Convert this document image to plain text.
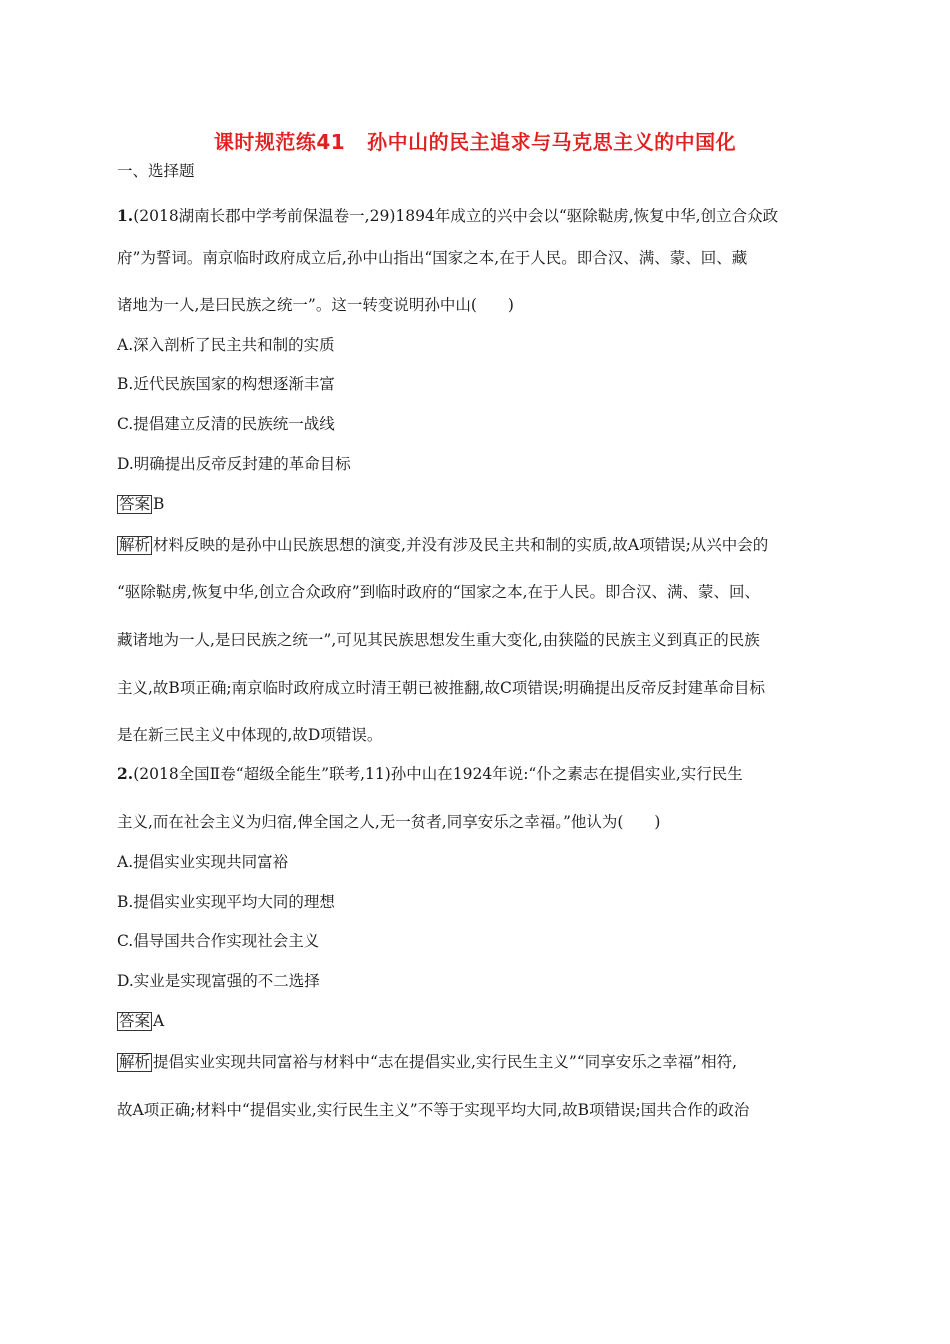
课时规范练41 孙中山的民主追求与马克思主义的中国化
一、选择题
1.(2018湖南长郡中学考前保温卷一,29)1894年成立的兴中会以“驱除鞑虏,恢复中华,创立合众政
府”为誓词。南京临时政府成立后,孙中山指出“国家之本,在于人民。即合汉、满、蒙、回、藏
诸地为一人,是曰民族之统一”。这一转变说明孙中山(　　)
A.深入剖析了民主共和制的实质
B.近代民族国家的构想逐渐丰富
C.提倡建立反清的民族统一战线
D.明确提出反帝反封建的革命目标
答案 B
解析 材料反映的是孙中山民族思想的演变,并没有涉及民主共和制的实质,故A项错误;从兴中会的
“驱除鞑虏,恢复中华,创立合众政府”到临时政府的“国家之本,在于人民。即合汉、满、蒙、回、
藏诸地为一人,是曰民族之统一”,可见其民族思想发生重大变化,由狭隘的民族主义到真正的民族
主义,故B项正确;南京临时政府成立时清王朝已被推翻,故C项错误;明确提出反帝反封建革命目标
是在新三民主义中体现的,故D项错误。
2.(2018全国Ⅱ卷“超级全能生”联考,11)孙中山在1924年说:“仆之素志在提倡实业,实行民生
主义,而在社会主义为归宿,俾全国之人,无一贫者,同享安乐之幸福。”他认为(　　)
A.提倡实业实现共同富裕
B.提倡实业实现平均大同的理想
C.倡导国共合作实现社会主义
D.实业是实现富强的不二选择
答案 A
解析 提倡实业实现共同富裕与材料中“志在提倡实业,实行民生主义”“同享安乐之幸福”相符,
故A项正确;材料中“提倡实业,实行民生主义”不等于实现平均大同,故B项错误;国共合作的政治
